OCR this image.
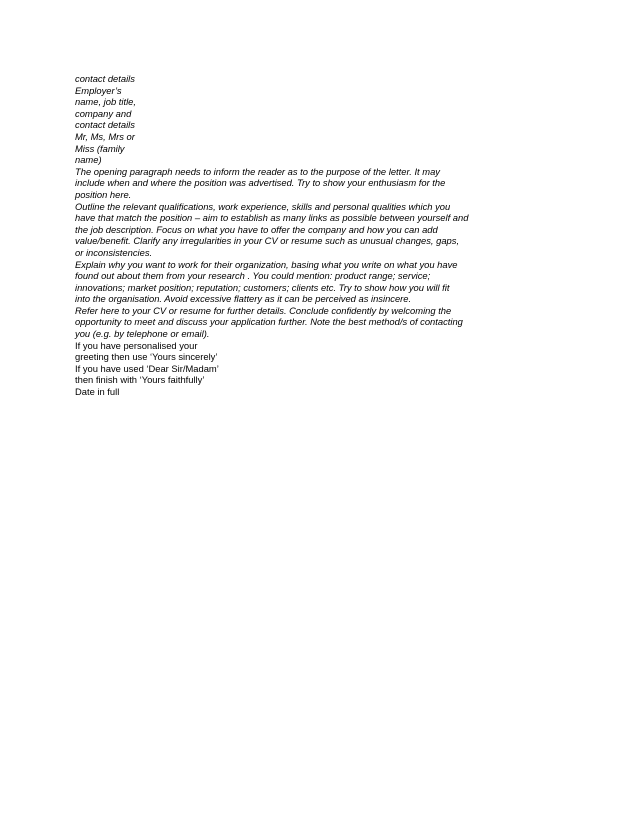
contact details
Employer’s
name, job title,
company and
contact details
Mr, Ms, Mrs or
Miss (family
name)
The opening paragraph needs to inform the reader as to the purpose of the letter. It may
include when and where the position was advertised. Try to show your enthusiasm for the
position here.
Outline the relevant qualifications, work experience, skills and personal qualities which you
have that match the position – aim to establish as many links as possible between yourself and
the job description. Focus on what you have to offer the company and how you can add
value/benefit. Clarify any irregularities in your CV or resume such as unusual changes, gaps,
or inconsistencies.
Explain why you want to work for their organization, basing what you write on what you have
found out about them from your research . You could mention: product range; service;
innovations; market position; reputation; customers; clients etc. Try to show how you will fit
into the organisation. Avoid excessive flattery as it can be perceived as insincere.
Refer here to your CV or resume for further details. Conclude confidently by welcoming the
opportunity to meet and discuss your application further. Note the best method/s of contacting
you (e.g. by telephone or email).
If you have personalised your
greeting then use ‘Yours sincerely’
If you have used ‘Dear Sir/Madam’
then finish with ‘Yours faithfully’
Date in full
